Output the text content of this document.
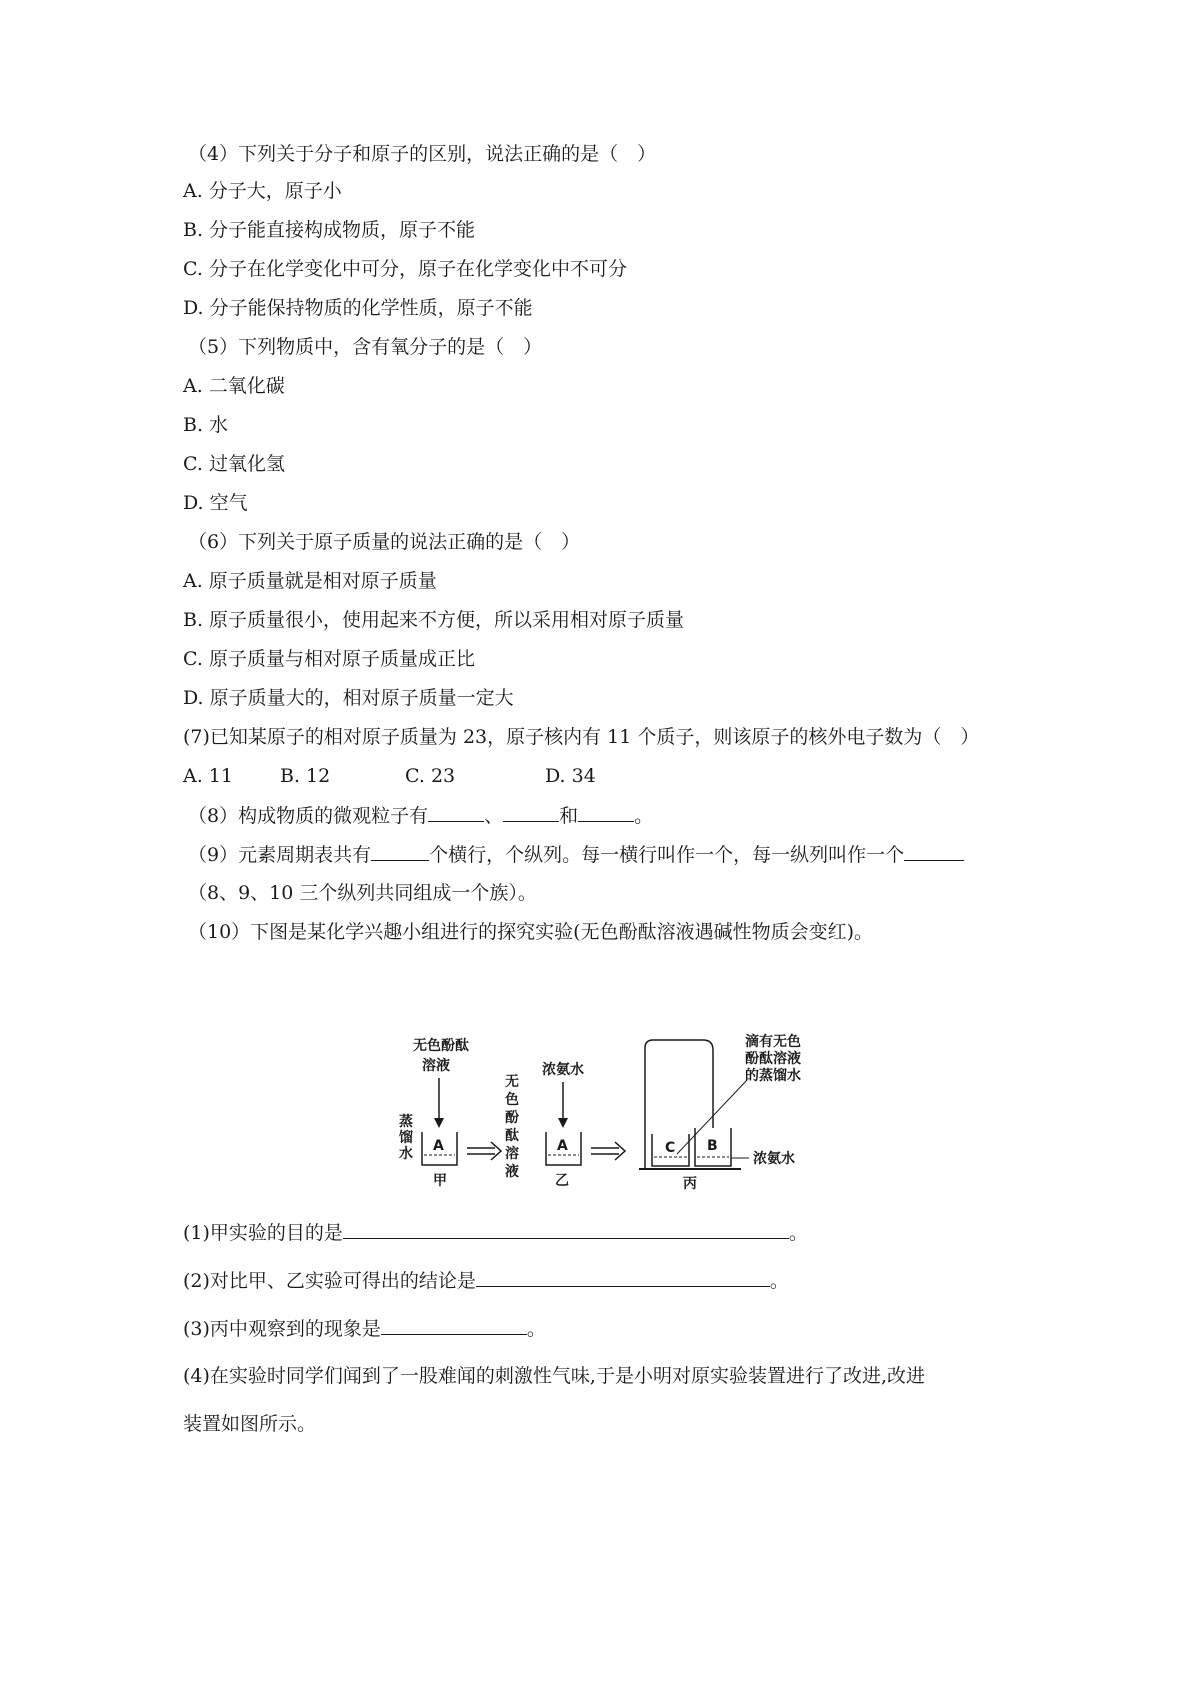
（4）下列关于分子和原子的区别，说法正确的是（　）
A. 分子大，原子小
B. 分子能直接构成物质，原子不能
C. 分子在化学变化中可分，原子在化学变化中不可分
D. 分子能保持物质的化学性质，原子不能
（5）下列物质中，含有氧分子的是（　）
A. 二氧化碳
B. 水
C. 过氧化氢
D. 空气
（6）下列关于原子质量的说法正确的是（　）
A. 原子质量就是相对原子质量
B. 原子质量很小，使用起来不方便，所以采用相对原子质量
C. 原子质量与相对原子质量成正比
D. 原子质量大的，相对原子质量一定大
(7)已知某原子的相对原子质量为 23，原子核内有 11 个质子，则该原子的核外电子数为（　）
A. 11 B. 12	C. 23	D. 34
（8）构成物质的微观粒子有	、	和	。
（9）元素周期表共有	个横行，个纵列。每一横行叫作一个，每一纵列叫作一个
（8、9、10 三个纵列共同组成一个族）。
（10）下图是某化学兴趣小组进行的探究实验(无色酚酞溶液遇碱性物质会变红)。
无色酚酞
溶液
蒸
馏
水 A
甲
无
色
酚
酞
溶
液
浓氨水
A
乙
C B
滴有无色
酚酞溶液
的蒸馏水
浓氨水
丙
(1)甲实验的目的是	。
(2)对比甲、乙实验可得出的结论是	。
(3)丙中观察到的现象是	。
(4)在实验时同学们闻到了一股难闻的刺激性气味,于是小明对原实验装置进行了改进,改进
装置如图所示。
